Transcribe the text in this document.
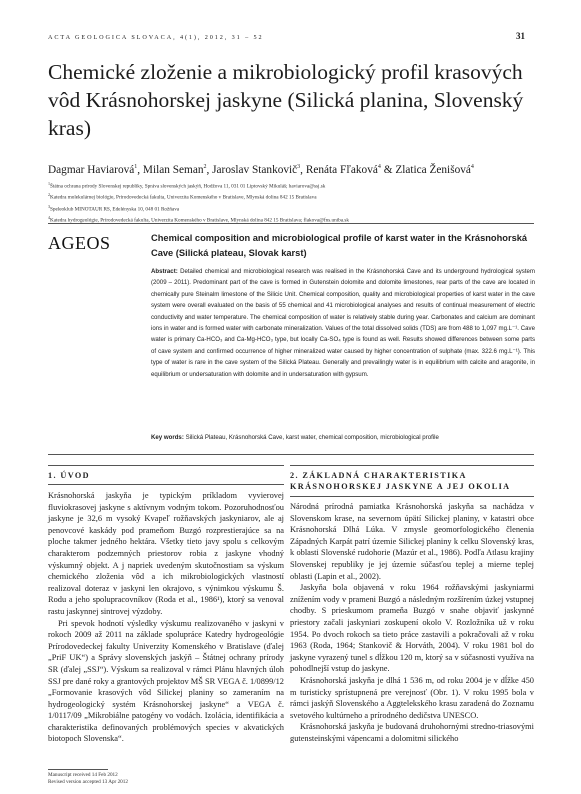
ACTA GEOLOGICA SLOVACA, 4(1), 2012, 31 – 52	31
Chemické zloženie a mikrobiologický profil krasových vôd Krásnohorskej jaskyne (Silická planina, Slovenský kras)
Dagmar Haviarová$^1$, Milan Seman$^2$, Jaroslav Stankovič$^3$, Renáta Fľaková$^4$ & Zlatica Ženišová$^4$
$^1$Štátna ochrana prírody Slovenskej republiky, Správa slovenských jaskýň, Hodžova 11, 031 01 Liptovský Mikuláš; haviarova@ssj.sk
$^2$Katedra molekulárnej biológie, Prírodovedecká fakulta, Univerzita Komenského v Bratislave, Mlynská dolina 842 15 Bratislava
$^3$Speleoklub MINOTAUR RS, Edelényska 10, 048 01 Rožňava
$^4$Katedra hydrogeológie, Prírodovedecká fakulta, Univerzita Komenského v Bratislave, Mlynská dolina 842 15 Bratislava; flakova@fns.uniba.sk
AGEOS	Chemical composition and microbiological profile of karst water in the Krásnohorská Cave (Silická plateau, Slovak karst)
Abstract: Detailed chemical and microbiological research was realised in the Krásnohorská Cave and its underground hydrological system (2009 – 2011). Predominant part of the cave is formed in Gutenstein dolomite and dolomite limestones, rear parts of the cave are located in chemically pure Steinalm limestone of the Silicic Unit. Chemical composition, quality and microbiological properties of karst water in the cave system were overall evaluated on the basis of 55 chemical and 41 microbiological analyses and results of continual measurement of electric conductivity and water temperature. The chemical composition of water is relatively stable during year. Carbonates and calcium are dominant ions in water and is formed water with carbonate mineralization. Values of the total dissolved solids (TDS) are from 488 to 1,097 mg.L⁻¹. Cave water is primary Ca-HCO₃ and Ca-Mg-HCO₃ type, but locally Ca-SO₄ type is found as well. Results showed differences between some parts of cave system and confirmed occurrence of higher mineralized water caused by higher concentration of sulphate (max. 322.6 mg.L⁻¹). This type of water is rare in the cave system of the Silická Plateau. Generally and prevailingly water is in equilibrium with calcite and aragonite, in equilibrium or undersaturation with dolomite and in undersaturation with gypsum.
Key words: Silická Plateau, Krásnohorská Cave, karst water, chemical composition, microbiological profile
1. ÚVOD

Krásnohorská jaskyňa je typickým príkladom vyvierovej fluviokrasovej jaskyne s aktívnym vodným tokom. Pozoruhodnosťou jaskyne je 32,6 m vysoký Kvapeľ rožňavských jaskyniarov, ale aj penovcové kaskády pod prameňom Buzgó rozprestierajúce sa na ploche takmer jedného hektára. Všetky tieto javy spolu s celkovým charakterom podzemných priestorov robia z jaskyne vhodný výskumný objekt. A j napriek uvedeným skutočnostiam sa výskum chemického zloženia vôd a ich mikrobiologických vlastností realizoval doteraz v jaskyni len okrajovo, s výnimkou výskumu Š. Rodu a jeho spolupracovníkov (Roda et al., 1986¹), ktorý sa venoval rastu jaskynnej sintrovej výzdoby.

Pri spevok hodnotí výsledky výskumu realizovaného v jaskyni v rokoch 2009 až 2011 na základe spolupráce Katedry hydrogeológie Prírodovedeckej fakulty Univerzity Komenského v Bratislave (ďalej „PriF UK“) a Správy slovenských jaskýň – Štátnej ochrany prírody SR (ďalej „SSJ“). Výskum sa realizoval v rámci Plánu hlavných úloh SSJ pre dané roky a grantových projektov MŠ SR VEGA č. 1/0899/12 „Formovanie krasových vôd Silickej planiny so zameraním na hydrogeologický systém Krásnohorskej jaskyne“ a VEGA č. 1/0117/09 „Mikrobiálne patogény vo vodách. Izolácia, identifikácia a charakteristika definovaných problémových species v akvatických biotopoch Slovenska“.

2. ZÁKLADNÁ CHARAKTERISTIKA KRÁSNOHORSKEJ JASKYNE A JEJ OKOLIA

Národná prírodná pamiatka Krásnohorská jaskyňa sa nachádza v Slovenskom krase, na severnom úpätí Silickej planiny, v katastri obce Krásnohorská Dlhá Lúka. V zmysle geomorfologického členenia Západných Karpát patrí územie Silickej planiny k celku Slovenský kras, k oblasti Slovenské rudohorie (Mazúr et al., 1986). Podľa Atlasu krajiny Slovenskej republiky je jej územie súčasťou teplej a mierne teplej oblasti (Lapin et al., 2002).

Jaskyňa bola objavená v roku 1964 rožňavskými jaskyniarmi znížením vody v prameni Buzgó a následným rozšírením úzkej vstupnej chodby. S prieskumom prameňa Buzgó v snahe objaviť jaskynné priestory začali jaskyniari zoskupení okolo V. Rozložníka už v roku 1954. Po dvoch rokoch sa tieto práce zastavili a pokračovali až v roku 1963 (Roda, 1964; Stankovič & Horváth, 2004). V roku 1981 bol do jaskyne vyrazený tunel s dĺžkou 120 m, ktorý sa v súčasnosti využíva na pohodlnejší vstup do jaskyne.

Krásnohorská jaskyňa je dlhá 1 536 m, od roku 2004 je v dĺžke 450 m turisticky sprístupnená pre verejnosť (Obr. 1). V roku 1995 bola v rámci jaskýň Slovenského a Aggtelekského krasu zaradená do Zoznamu svetového kultúrneho a prírodného dedičstva UNESCO.

Krásnohorská jaskyňa je budovaná druhohornými stredno-triasovými gutensteinskými vápencami a dolomitmi silického

Manuscript received 14 Feb 2012
Revised version accepted 13 Apr 2012
